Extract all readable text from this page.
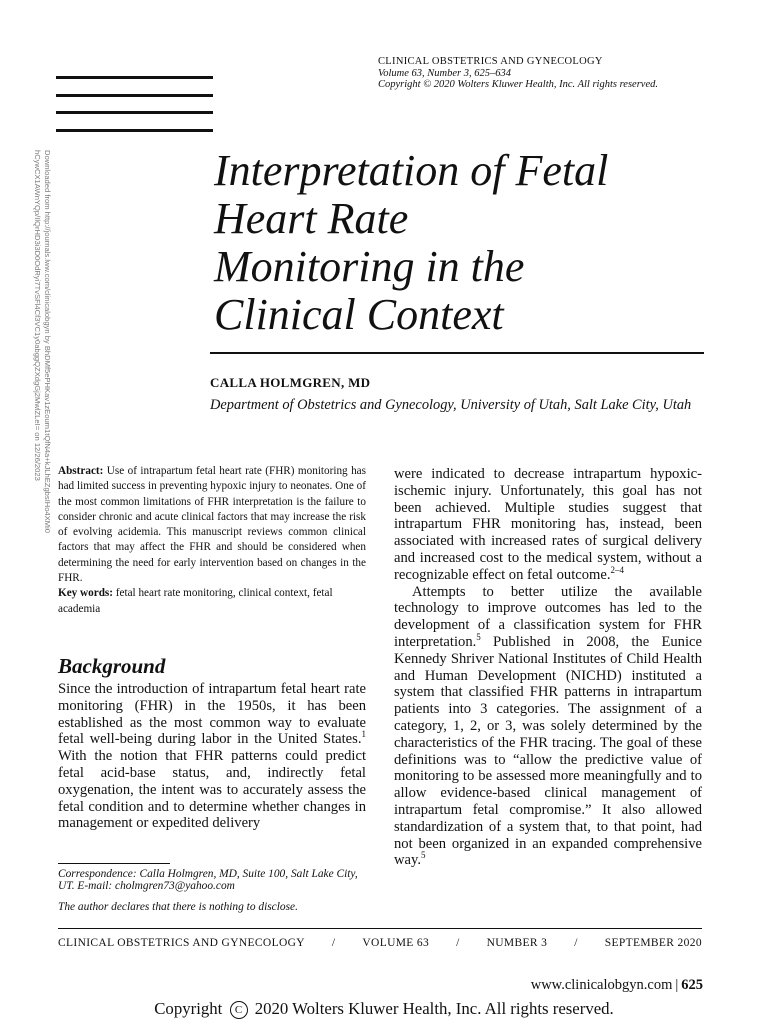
CLINICAL OBSTETRICS AND GYNECOLOGY
Volume 63, Number 3, 625–634
Copyright © 2020 Wolters Kluwer Health, Inc. All rights reserved.
Downloaded from http://journals.lww.com/clinicalobgyn by BhDMf5ePHKav1zEoum1tQfN4a+kJLhEZgbsIHo4XMi0
hCywCX1AWnYQp/IlQrHD3i3D0OdRyi7TvSFl4Cf3VC1y0abggQZXdgGj2MwlZLeI= on 12/26/2023	Interpretation of Fetal
Heart Rate
Monitoring in the
Clinical Context
CALLA HOLMGREN, MD
Department of Obstetrics and Gynecology, University of Utah, Salt Lake City, Utah

Abstract: Use of intrapartum fetal heart rate (FHR) monitoring has had limited success in preventing hypoxic injury to neonates. One of the most common limitations of FHR interpretation is the failure to consider chronic and acute clinical factors that may increase the risk of evolving acidemia. This manuscript reviews common clinical factors that may affect the FHR and should be considered when determining the need for early intervention based on changes in the FHR.

Key words: fetal heart rate monitoring, clinical context, fetal academia

Background

Since the introduction of intrapartum fetal heart rate monitoring (FHR) in the 1950s, it has been established as the most common way to evaluate fetal well-being during labor in the United States.$^1$ With the notion that FHR patterns could predict fetal acid-base status, and, indirectly fetal oxygenation, the intent was to accurately assess the fetal condition and to determine whether changes in management or expedited delivery

Correspondence: Calla Holmgren, MD, Suite 100, Salt Lake City, UT. E-mail: cholmgren73@yahoo.com

The author declares that there is nothing to disclose.

were indicated to decrease intrapartum hypoxic-ischemic injury. Unfortunately, this goal has not been achieved. Multiple studies suggest that intrapartum FHR monitoring has, instead, been associated with increased rates of surgical delivery and increased cost to the medical system, without a recognizable effect on fetal outcome.$^{2-4}$

Attempts to better utilize the available technology to improve outcomes has led to the development of a classification system for FHR interpretation.$^5$ Published in 2008, the Eunice Kennedy Shriver National Institutes of Child Health and Human Development (NICHD) instituted a system that classified FHR patterns in intrapartum patients into 3 categories. The assignment of a category, 1, 2, or 3, was solely determined by the characteristics of the FHR tracing. The goal of these definitions was to “allow the predictive value of monitoring to be assessed more meaningfully and to allow evidence-based clinical management of intrapartum fetal compromise.” It also allowed standardization of a system that, to that point, had not been organized in an expanded comprehensive way.$^5$

CLINICAL OBSTETRICS AND GYNECOLOGY / VOLUME 63 / NUMBER 3 / SEPTEMBER 2020
www.clinicalobgyn.com | 625
Copyright C 2020 Wolters Kluwer Health, Inc. All rights reserved.
